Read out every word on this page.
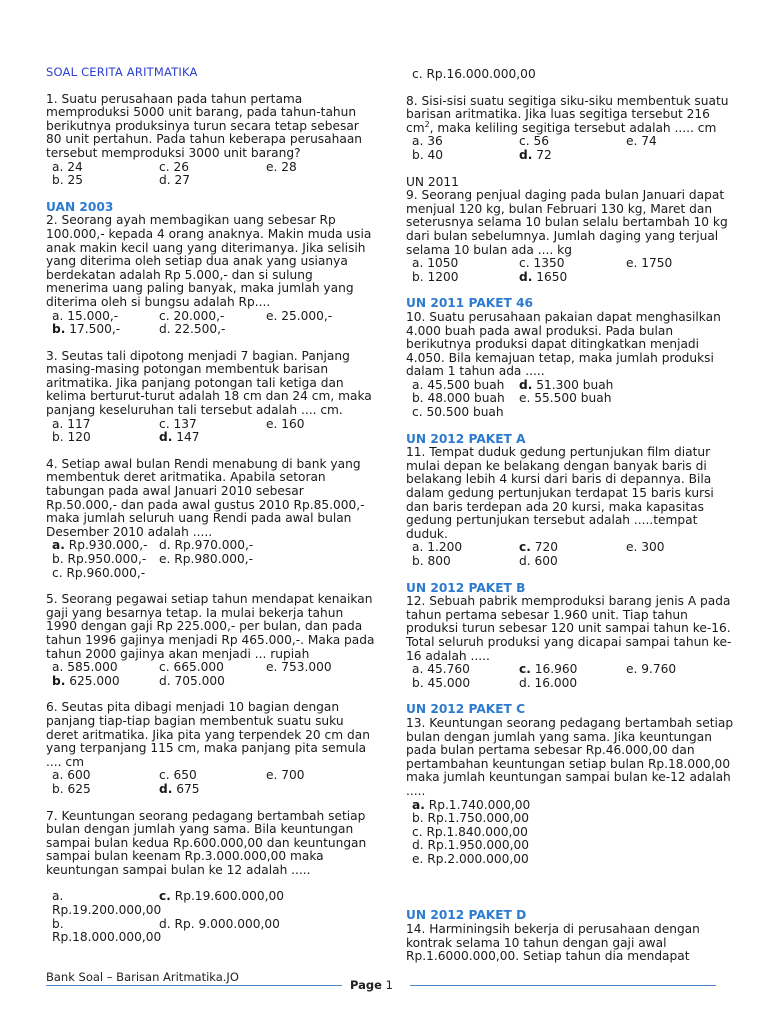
SOAL CERITA ARITMATIKA
1. Suatu perusahaan pada tahun pertama memproduksi 5000 unit barang, pada tahun-tahun berikutnya produksinya turun secara tetap sebesar 80 unit pertahun. Pada tahun keberapa perusahaan tersebut memproduksi 3000 unit barang?
a. 24	c. 26	e. 28
b. 25	d. 27
UAN 2003
2. Seorang ayah membagikan uang sebesar Rp 100.000,- kepada 4 orang anaknya. Makin muda usia anak makin kecil uang yang diterimanya. Jika selisih yang diterima oleh setiap dua anak yang usianya berdekatan adalah Rp 5.000,- dan si sulung menerima uang paling banyak, maka jumlah yang diterima oleh si bungsu adalah Rp....
a. 15.000,-	c. 20.000,-	e. 25.000,-
b. 17.500,-	d. 22.500,-
3. Seutas tali dipotong menjadi 7 bagian. Panjang masing-masing potongan membentuk barisan aritmatika. Jika panjang potongan tali ketiga dan kelima berturut-turut adalah 18 cm dan 24 cm, maka panjang keseluruhan tali tersebut adalah .... cm.
a. 117	c. 137	e. 160
b. 120	d. 147
4. Setiap awal bulan Rendi menabung di bank yang membentuk deret aritmatika. Apabila setoran tabungan pada awal Januari 2010 sebesar Rp.50.000,- dan pada awal gustus 2010 Rp.85.000,- maka jumlah seluruh uang Rendi pada awal bulan Desember 2010 adalah .....
a. Rp.930.000,- d. Rp.970.000,-
b. Rp.950.000,-	e. Rp.980.000,-
c. Rp.960.000,-
5. Seorang pegawai setiap tahun mendapat kenaikan gaji yang besarnya tetap. Ia mulai bekerja tahun 1990 dengan gaji Rp 225.000,- per bulan, dan pada tahun 1996 gajinya menjadi Rp 465.000,-. Maka pada tahun 2000 gajinya akan menjadi ... rupiah
a. 585.000	c. 665.000	e. 753.000
b. 625.000	d. 705.000
6. Seutas pita dibagi menjadi 10 bagian dengan panjang tiap-tiap bagian membentuk suatu suku deret aritmatika. Jika pita yang terpendek 20 cm dan yang terpanjang 115 cm, maka panjang pita semula .... cm
a. 600	c. 650	e. 700
b. 625	d. 675
7. Keuntungan seorang pedagang bertambah setiap bulan dengan jumlah yang sama. Bila keuntungan sampai bulan kedua Rp.600.000,00 dan keuntungan sampai bulan keenam Rp.3.000.000,00 maka keuntungan sampai bulan ke 12 adalah .....
a. Rp.19.200.000,00
c. Rp.19.600.000,00
b. Rp.18.000.000,00
d. Rp. 9.000.000,00
c. Rp.16.000.000,00
8. Sisi-sisi suatu segitiga siku-siku membentuk suatu barisan aritmatika. Jika luas segitiga tersebut 216 $cm^2$, maka keliling segitiga tersebut adalah ..... cm
a. 36	c. 56	e. 74
b. 40	d. 72
UN 2011
9. Seorang penjual daging pada bulan Januari dapat menjual 120 kg, bulan Februari 130 kg, Maret dan seterusnya selama 10 bulan selalu bertambah 10 kg dari bulan sebelumnya. Jumlah daging yang terjual selama 10 bulan ada .... kg
a. 1050	c. 1350	e. 1750
b. 1200	d. 1650
UN 2011 PAKET 46
10. Suatu perusahaan pakaian dapat menghasilkan 4.000 buah pada awal produksi. Pada bulan berikutnya produksi dapat ditingkatkan menjadi 4.050. Bila kemajuan tetap, maka jumlah produksi dalam 1 tahun ada .....
a. 45.500 buah	d. 51.300 buah
b. 48.000 buah	e. 55.500 buah
c. 50.500 buah
UN 2012 PAKET A
11. Tempat duduk gedung pertunjukan film diatur mulai depan ke belakang dengan banyak baris di belakang lebih 4 kursi dari baris di depannya. Bila dalam gedung pertunjukan terdapat 15 baris kursi dan baris terdepan ada 20 kursi, maka kapasitas gedung pertunjukan tersebut adalah .....tempat duduk.
a. 1.200	c. 720	e. 300
b. 800	d. 600
UN 2012 PAKET B
12. Sebuah pabrik memproduksi barang jenis A pada tahun pertama sebesar 1.960 unit. Tiap tahun produksi turun sebesar 120 unit sampai tahun ke-16. Total seluruh produksi yang dicapai sampai tahun ke-16 adalah .....
a. 45.760	c. 16.960	e. 9.760
b. 45.000	d. 16.000
UN 2012 PAKET C
13. Keuntungan seorang pedagang bertambah setiap bulan dengan jumlah yang sama. Jika keuntungan pada bulan pertama sebesar Rp.46.000,00 dan pertambahan keuntungan setiap bulan Rp.18.000,00 maka jumlah keuntungan sampai bulan ke-12 adalah .....
a. Rp.1.740.000,00
b. Rp.1.750.000,00
c. Rp.1.840.000,00
d. Rp.1.950.000,00
e. Rp.2.000.000,00
UN 2012 PAKET D
14. Harminingsih bekerja di perusahaan dengan kontrak selama 10 tahun dengan gaji awal Rp.1.6000.000,00. Setiap tahun dia mendapat
Bank Soal – Barisan Aritmatika.JO
Page 1
